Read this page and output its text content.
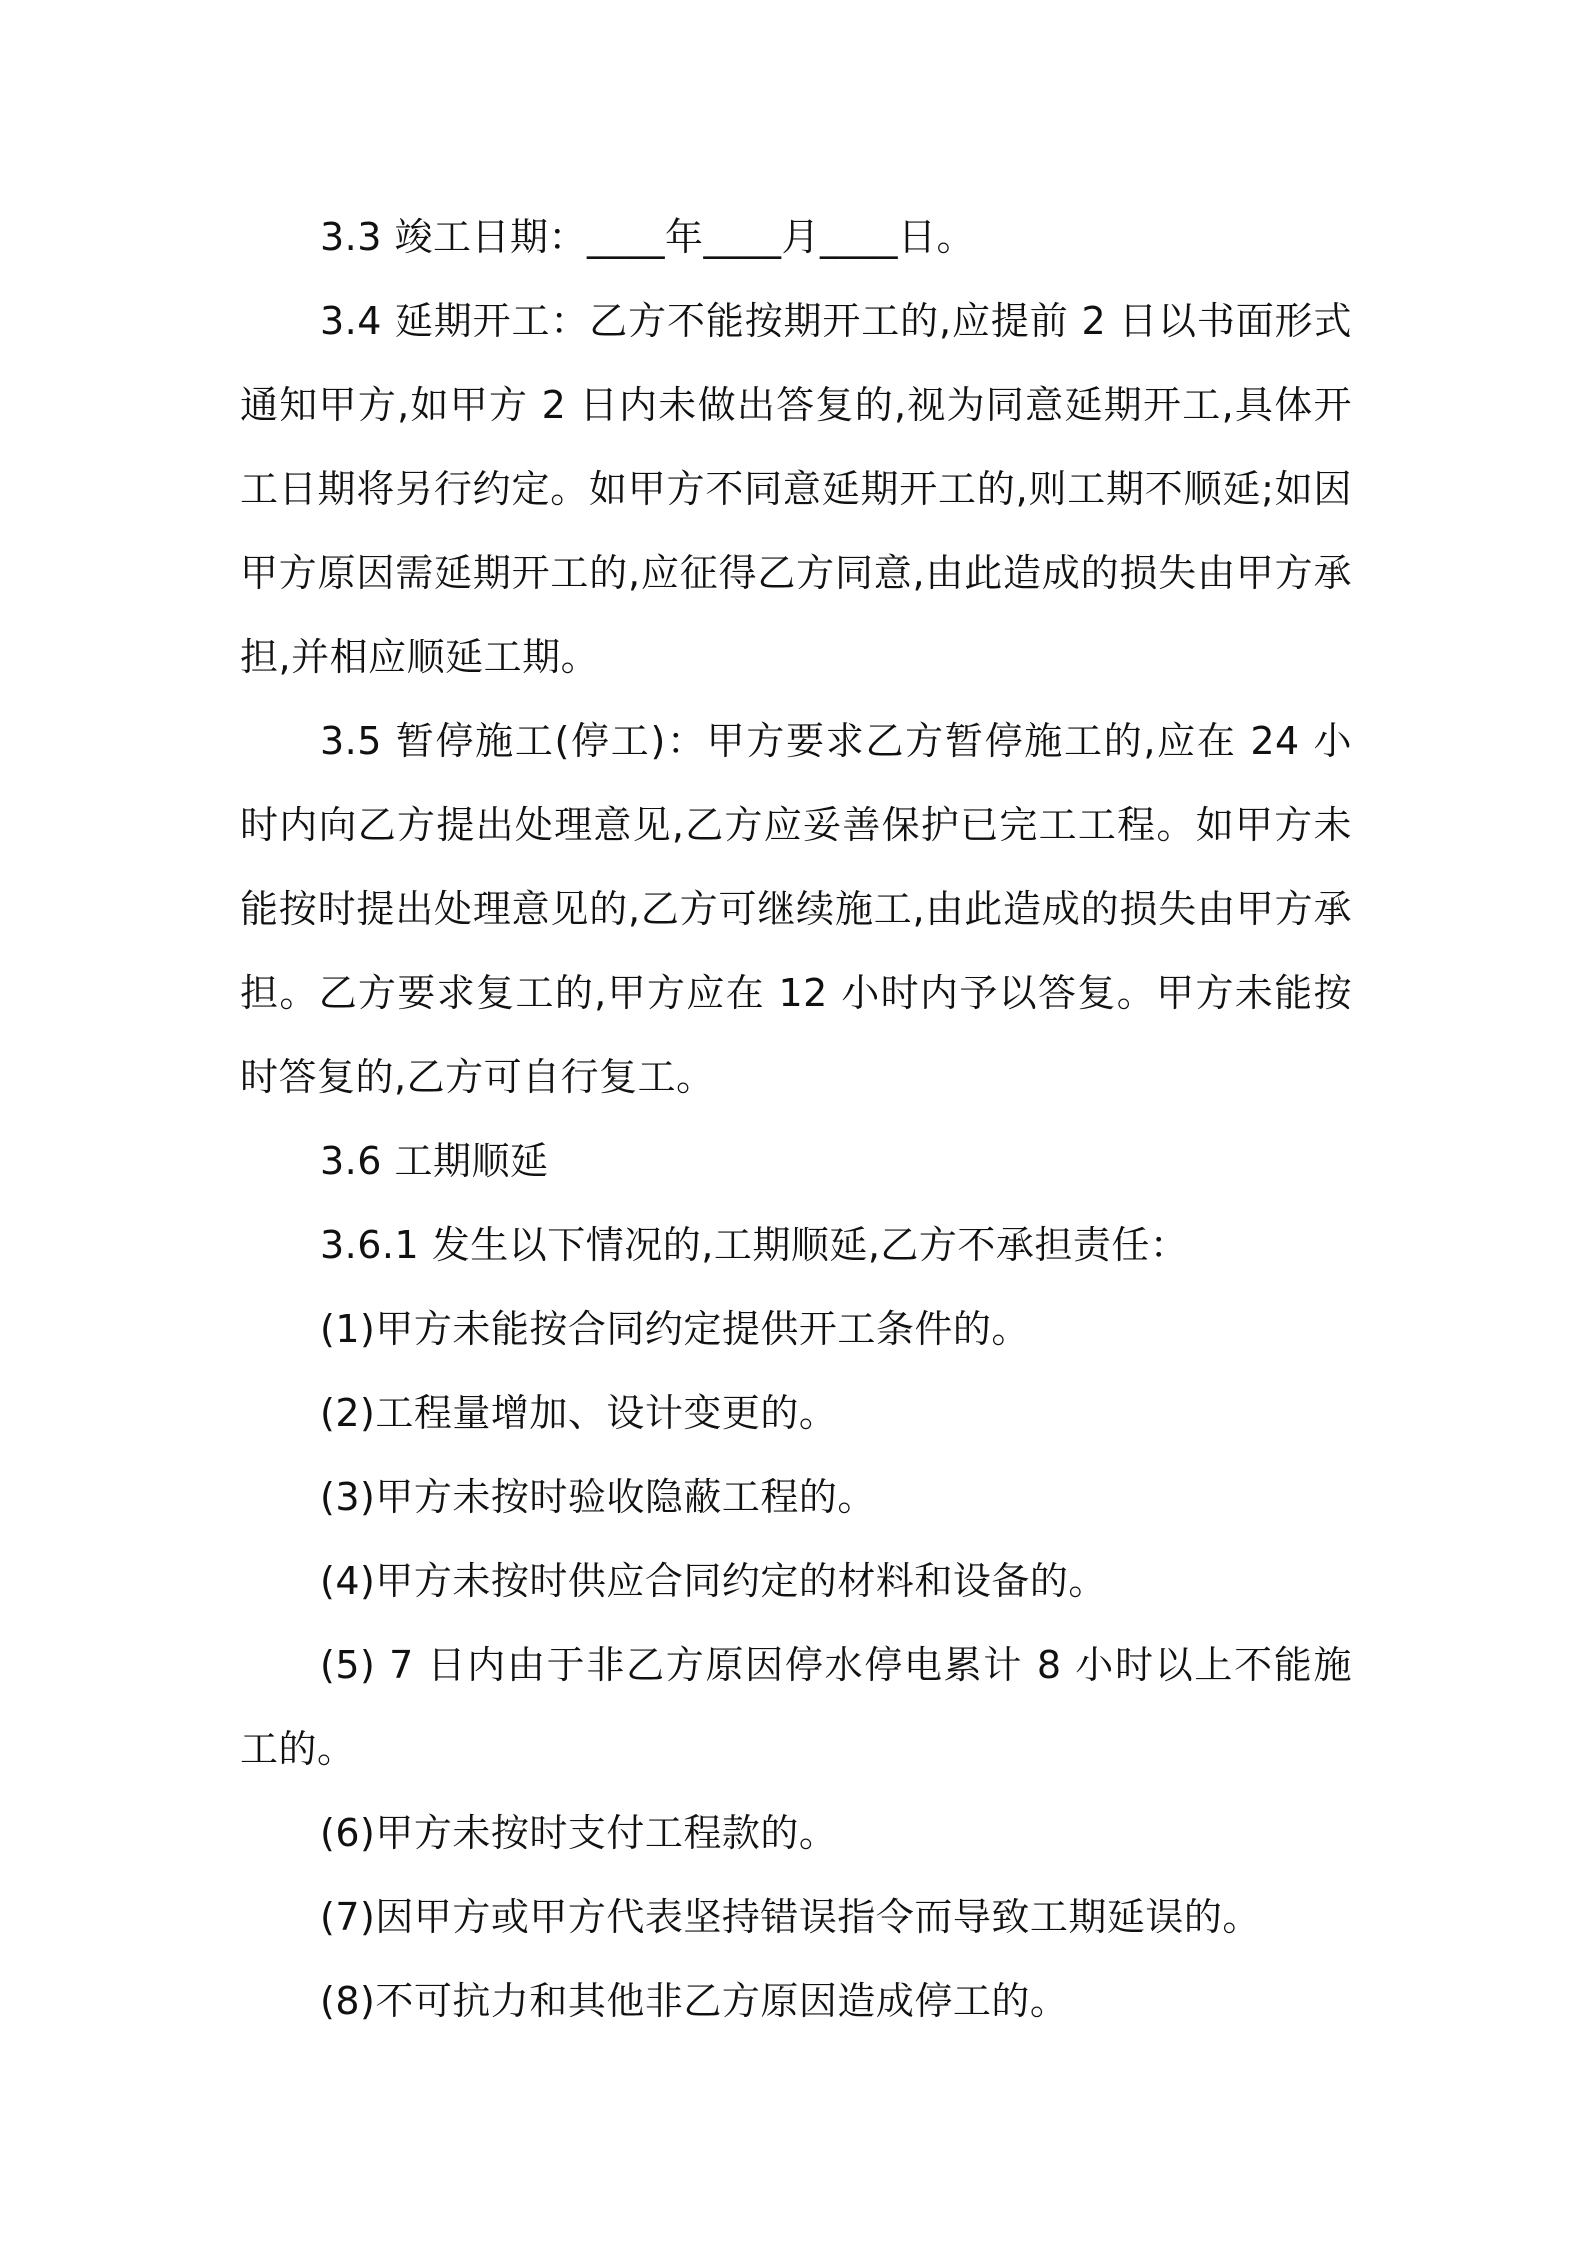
3.3 竣工日期：____年____月____日。

3.4 延期开工：乙方不能按期开工的,应提前 2 日以书面形式通知甲方,如甲方 2 日内未做出答复的,视为同意延期开工,具体开工日期将另行约定。如甲方不同意延期开工的,则工期不顺延;如因甲方原因需延期开工的,应征得乙方同意,由此造成的损失由甲方承担,并相应顺延工期。

3.5 暂停施工(停工)：甲方要求乙方暂停施工的,应在 24 小时内向乙方提出处理意见,乙方应妥善保护已完工工程。如甲方未能按时提出处理意见的,乙方可继续施工,由此造成的损失由甲方承担。乙方要求复工的,甲方应在 12 小时内予以答复。甲方未能按时答复的,乙方可自行复工。

3.6 工期顺延

3.6.1 发生以下情况的,工期顺延,乙方不承担责任：

(1)甲方未能按合同约定提供开工条件的。

(2)工程量增加、设计变更的。

(3)甲方未按时验收隐蔽工程的。

(4)甲方未按时供应合同约定的材料和设备的。

(5) 7 日内由于非乙方原因停水停电累计 8 小时以上不能施工的。

(6)甲方未按时支付工程款的。

(7)因甲方或甲方代表坚持错误指令而导致工期延误的。

(8)不可抗力和其他非乙方原因造成停工的。
